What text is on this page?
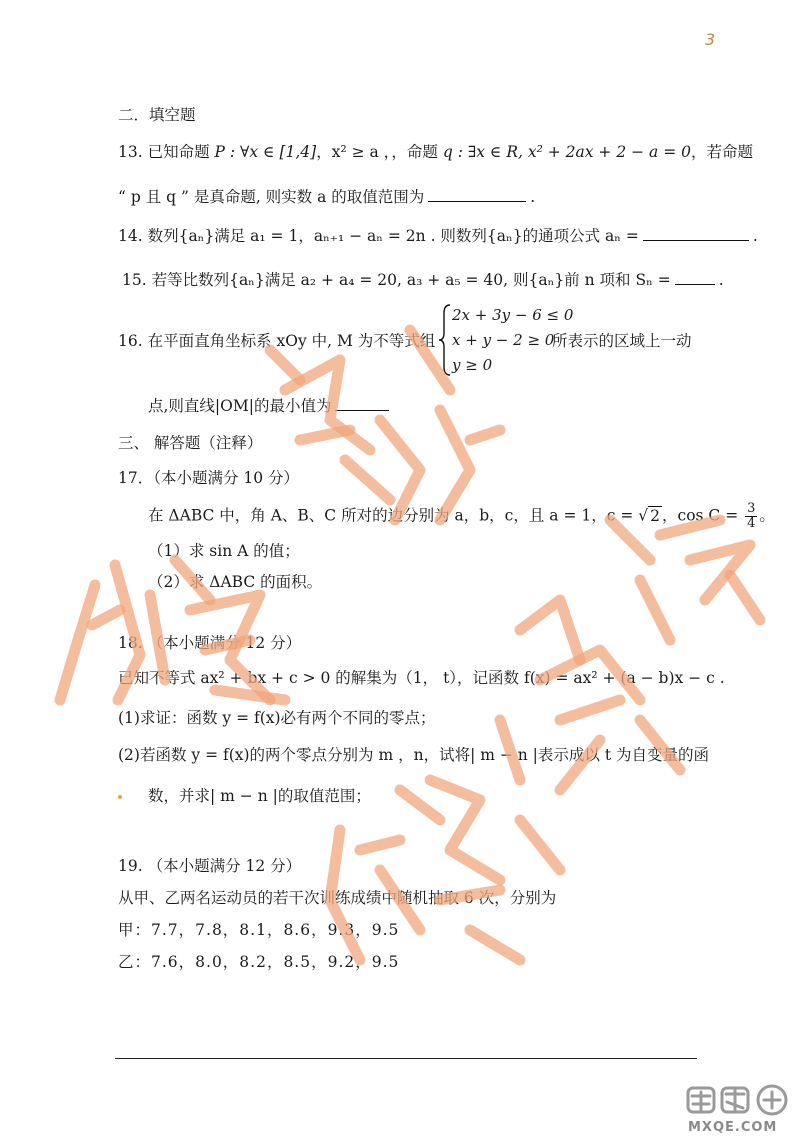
3
二．填空题
13. 已知命题 P : ∀x ∈ [1,4]，x² ≥ a ，，命题 q : ∃x ∈ R, x² + 2ax + 2 − a = 0，若命题
“ p 且 q ” 是真命题, 则实数 a 的取值范围为	.
14. 数列{aₙ}满足 a₁ = 1，aₙ₊₁ − aₙ = 2n . 则数列{aₙ}的通项公式 aₙ =	.
15. 若等比数列{aₙ}满足 a₂ + a₄ = 20, a₃ + a₅ = 40, 则{aₙ}前 n 项和 Sₙ =	.
16. 在平面直角坐标系 xOy 中, M 为不等式组
2x + 3y − 6 ≤ 0
x + y − 2 ≥ 0
y ≥ 0
所表示的区域上一动
点,则直线|OM|的最小值为
三、 解答题（注释）
17．（本小题满分 10 分）
在 ΔABC 中，角 A、B、C 所对的边分别为 a，b，c，且 a = 1，c = √ 2 ，$\cos C = \frac{3}{4}$ 。
（1）求 sin A 的值；
（2）求 ΔABC 的面积。
18. （本小题满分 12 分）
已知不等式 ax² + bx + c > 0 的解集为（1， t），记函数 f(x) = ax² + (a − b)x − c .
(1)求证：函数 y = f(x)必有两个不同的零点；
(2)若函数 y = f(x)的两个零点分别为 m ，n，试将| m − n |表示成以 t 为自变量的函
数，并求| m − n |的取值范围；
19. （本小题满分 12 分）
从甲、乙两名运动员的若干次训练成绩中随机抽取 6 次，分别为
甲：7.7，7.8，8.1，8.6，9.3，9.5
乙：7.6，8.0，8.2，8.5，9.2，9.5
MXQE.COM
